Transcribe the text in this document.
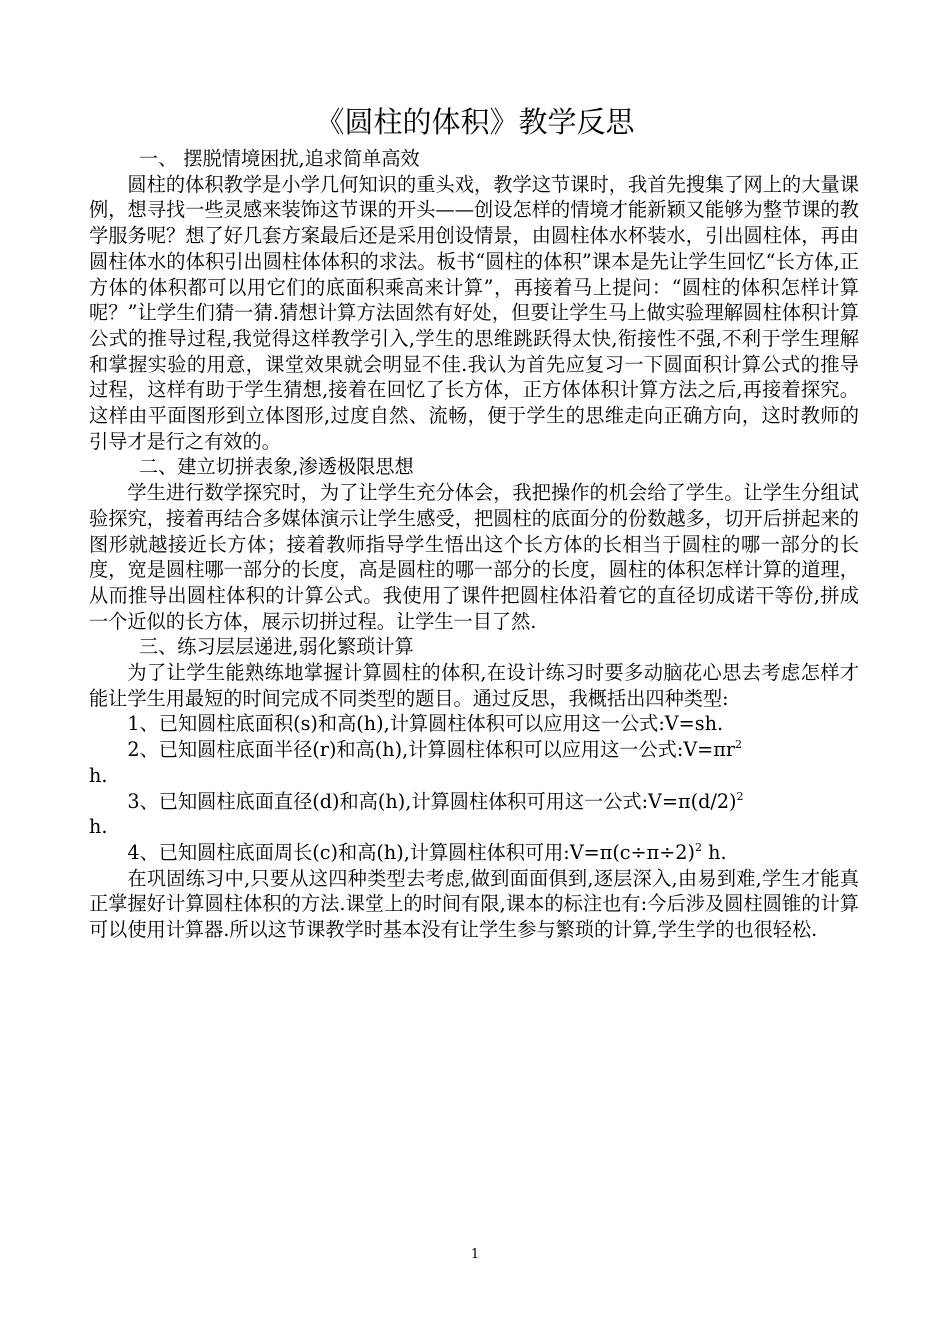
《圆柱的体积》教学反思

一、 摆脱情境困扰,追求简单高效

圆柱的体积教学是小学几何知识的重头戏，教学这节课时，我首先搜集了网上的大量课例，想寻找一些灵感来装饰这节课的开头——创设怎样的情境才能新颖又能够为整节课的教学服务呢？想了好几套方案最后还是采用创设情景，由圆柱体水杯装水，引出圆柱体，再由圆柱体水的体积引出圆柱体体积的求法。板书“圆柱的体积”课本是先让学生回忆“长方体,正方体的体积都可以用它们的底面积乘高来计算”，再接着马上提问：“圆柱的体积怎样计算呢？”让学生们猜一猜.猜想计算方法固然有好处，但要让学生马上做实验理解圆柱体积计算公式的推导过程,我觉得这样教学引入,学生的思维跳跃得太快,衔接性不强,不利于学生理解和掌握实验的用意，课堂效果就会明显不佳.我认为首先应复习一下圆面积计算公式的推导过程，这样有助于学生猜想,接着在回忆了长方体，正方体体积计算方法之后,再接着探究。这样由平面图形到立体图形,过度自然、流畅，便于学生的思维走向正确方向，这时教师的引导才是行之有效的。

二、建立切拼表象,渗透极限思想

学生进行数学探究时，为了让学生充分体会，我把操作的机会给了学生。让学生分组试验探究，接着再结合多媒体演示让学生感受，把圆柱的底面分的份数越多，切开后拼起来的图形就越接近长方体；接着教师指导学生悟出这个长方体的长相当于圆柱的哪一部分的长度，宽是圆柱哪一部分的长度，高是圆柱的哪一部分的长度，圆柱的体积怎样计算的道理，从而推导出圆柱体积的计算公式。我使用了课件把圆柱体沿着它的直径切成诺干等份,拼成一个近似的长方体，展示切拼过程。让学生一目了然.

三、练习层层递进,弱化繁琐计算

为了让学生能熟练地掌握计算圆柱的体积,在设计练习时要多动脑花心思去考虑怎样才能让学生用最短的时间完成不同类型的题目。通过反思，我概括出四种类型:

1、已知圆柱底面积(s)和高(h),计算圆柱体积可以应用这一公式:V=sh.

2、已知圆柱底面半径(r)和高(h),计算圆柱体积可以应用这一公式$:V=\pi r^2$
h.

3、已知圆柱底面直径(d)和高(h),计算圆柱体积可用这一公式$:V=\pi(d/2)^2$
h.

4、已知圆柱底面周长(c)和高(h),计算圆柱体积可用$:V=\pi(c\div\pi\div 2)^2$ h.

在巩固练习中,只要从这四种类型去考虑,做到面面俱到,逐层深入,由易到难,学生才能真正掌握好计算圆柱体积的方法.课堂上的时间有限,课本的标注也有:今后涉及圆柱圆锥的计算可以使用计算器.所以这节课教学时基本没有让学生参与繁琐的计算,学生学的也很轻松.

1
